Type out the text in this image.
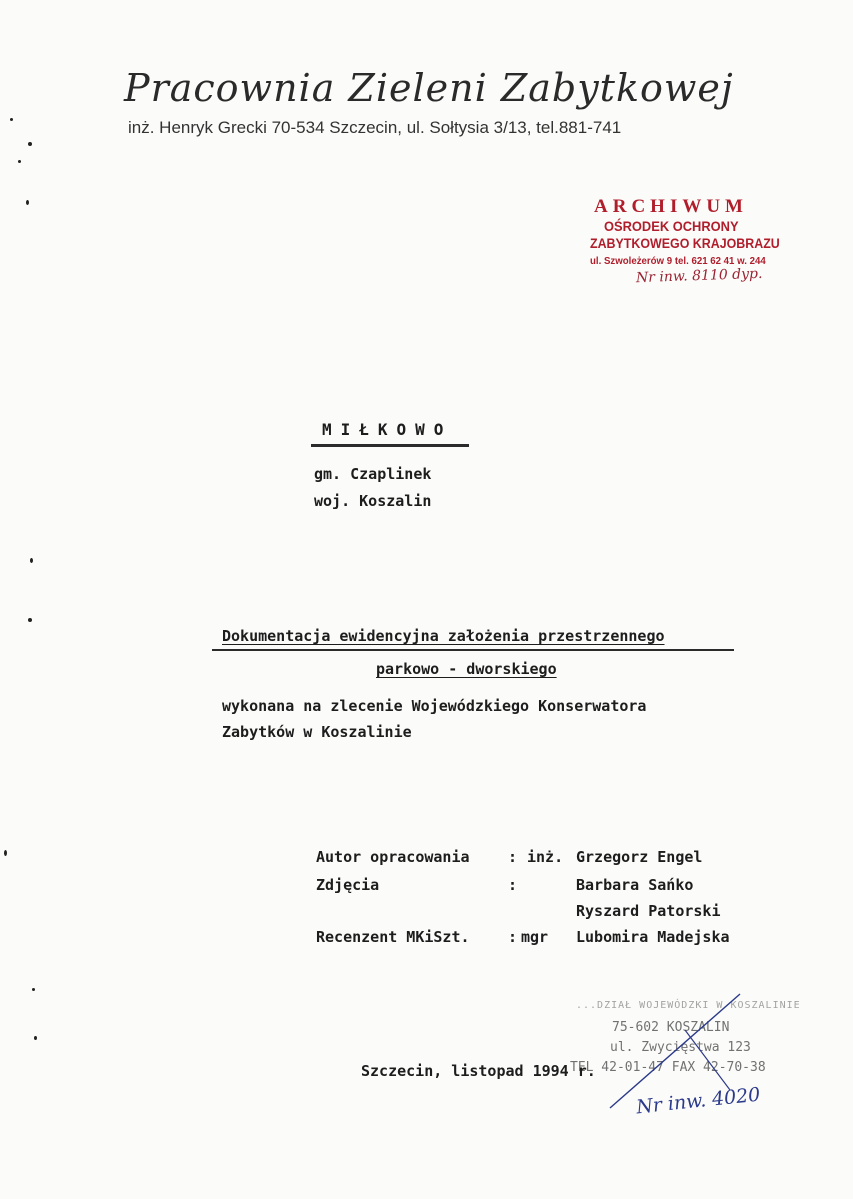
Pracownia Zieleni Zabytkowej
inż. Henryk Grecki 70-534 Szczecin, ul. Sołtysia 3/13, tel.881-741
ARCHIWUM
OŚRODEK OCHRONY
ZABYTKOWEGO KRAJOBRAZU
ul. Szwoleżerów 9 tel. 621 62 41 w. 244
Nr inw. 8110 dyp.
MIŁKOWO
gm. Czaplinek
woj. Koszalin
Dokumentacja ewidencyjna założenia przestrzennego
parkowo - dworskiego
wykonana na zlecenie Wojewódzkiego Konserwatora
Zabytków w Koszalinie
Autor opracowania	: inż. Grzegorz Engel
Zdjęcia	:	Barbara Sańko
Ryszard Patorski
Recenzent MKiSzt.	: mgr Lubomira Madejska
...DZIAŁ WOJEWÓDZKI W KOSZALINIE
75-602 KOSZALIN
ul. Zwycięstwa 123
TEL 42-01-47 FAX 42-70-38
Szczecin, listopad 1994 r.
Nr inw. 4020
